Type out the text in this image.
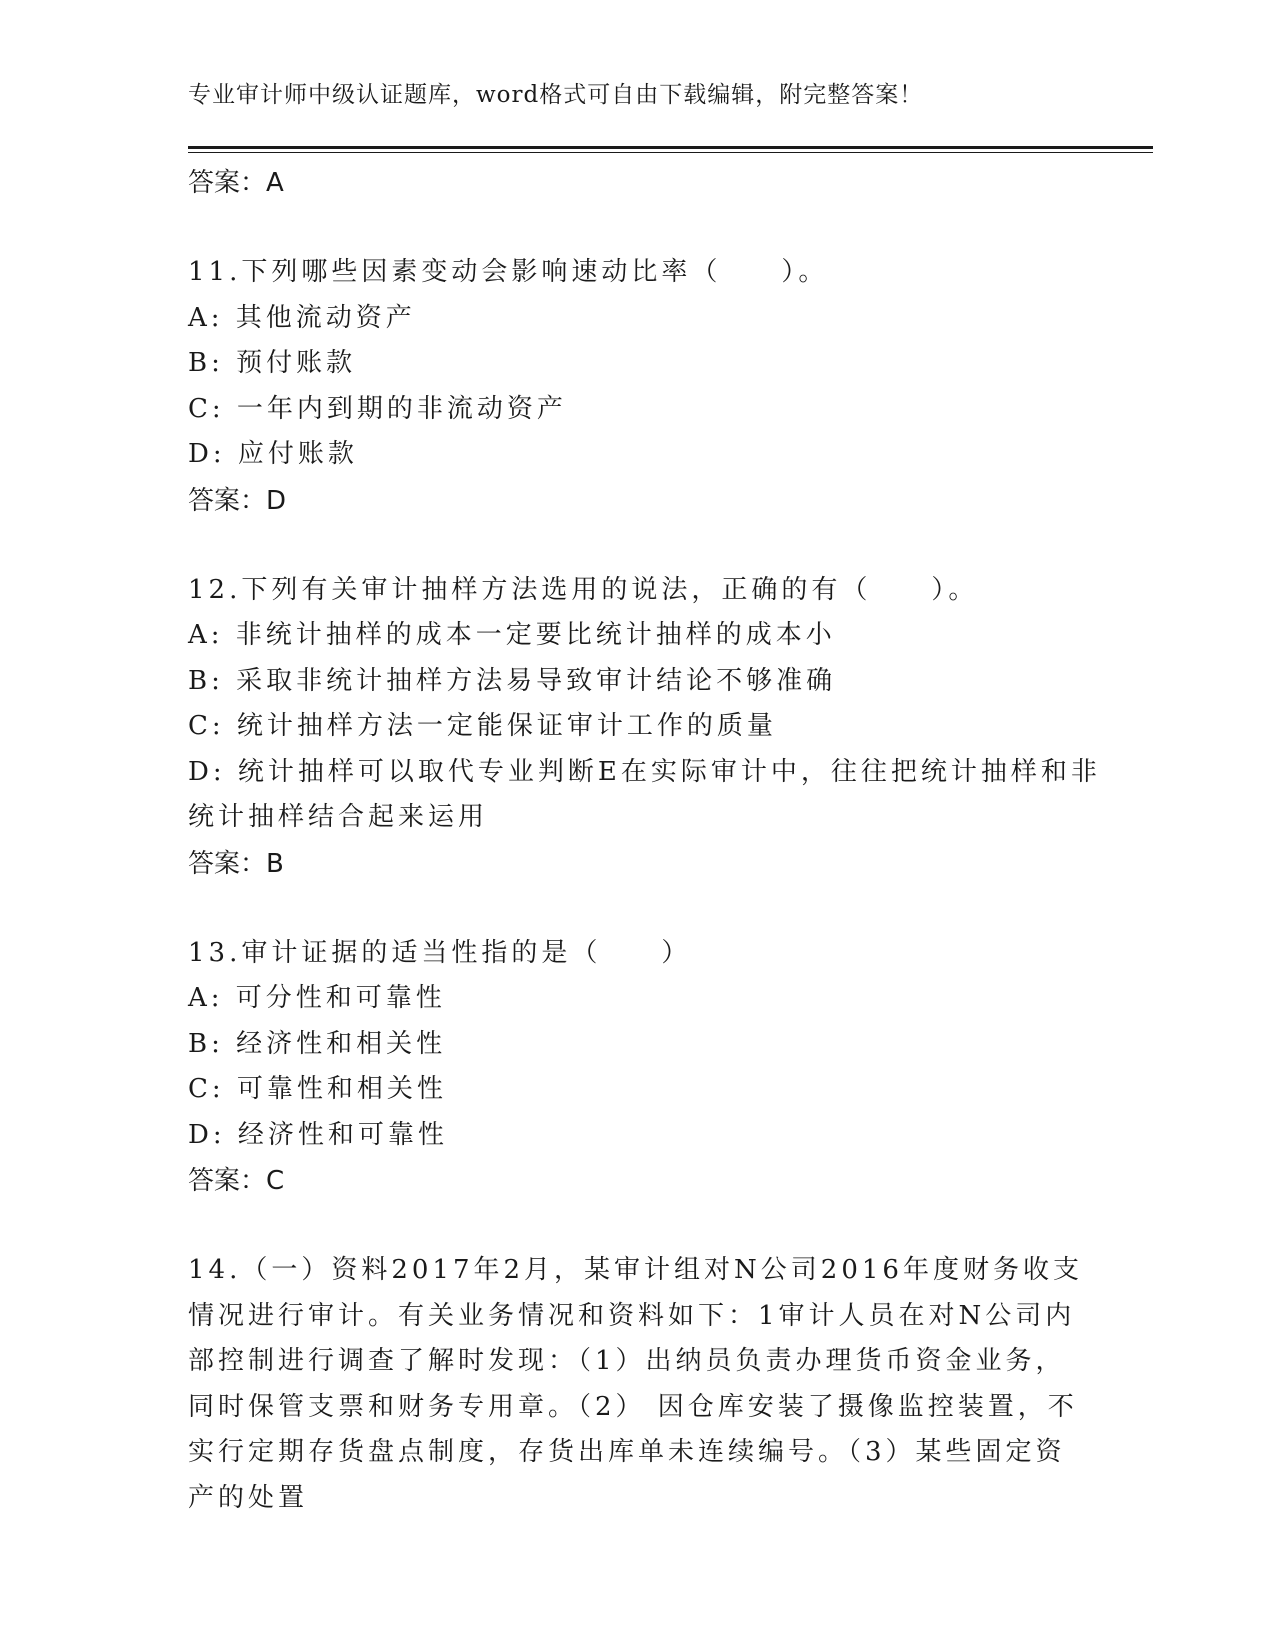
专业审计师中级认证题库，word格式可自由下载编辑，附完整答案！
答案：A
11.下列哪些因素变动会影响速动比率（　　）。
A: 其他流动资产
B: 预付账款
C: 一年内到期的非流动资产
D: 应付账款
答案：D
12.下列有关审计抽样方法选用的说法，正确的有（　　）。
A: 非统计抽样的成本一定要比统计抽样的成本小
B: 采取非统计抽样方法易导致审计结论不够准确
C: 统计抽样方法一定能保证审计工作的质量
D: 统计抽样可以取代专业判断E在实际审计中，往往把统计抽样和非
统计抽样结合起来运用
答案：B
13.审计证据的适当性指的是（　　）
A: 可分性和可靠性
B: 经济性和相关性
C: 可靠性和相关性
D: 经济性和可靠性
答案：C
14.（一）资料2017年2月，某审计组对N公司2016年度财务收支情况进行审计。有关业务情况和资料如下：1审计人员在对N公司内部控制进行调查了解时发现：（1）出纳员负责办理货币资金业务，同时保管支票和财务专用章。（2） 因仓库安装了摄像监控装置，不实行定期存货盘点制度，存货出库单未连续编号。（3）某些固定资产的处置
